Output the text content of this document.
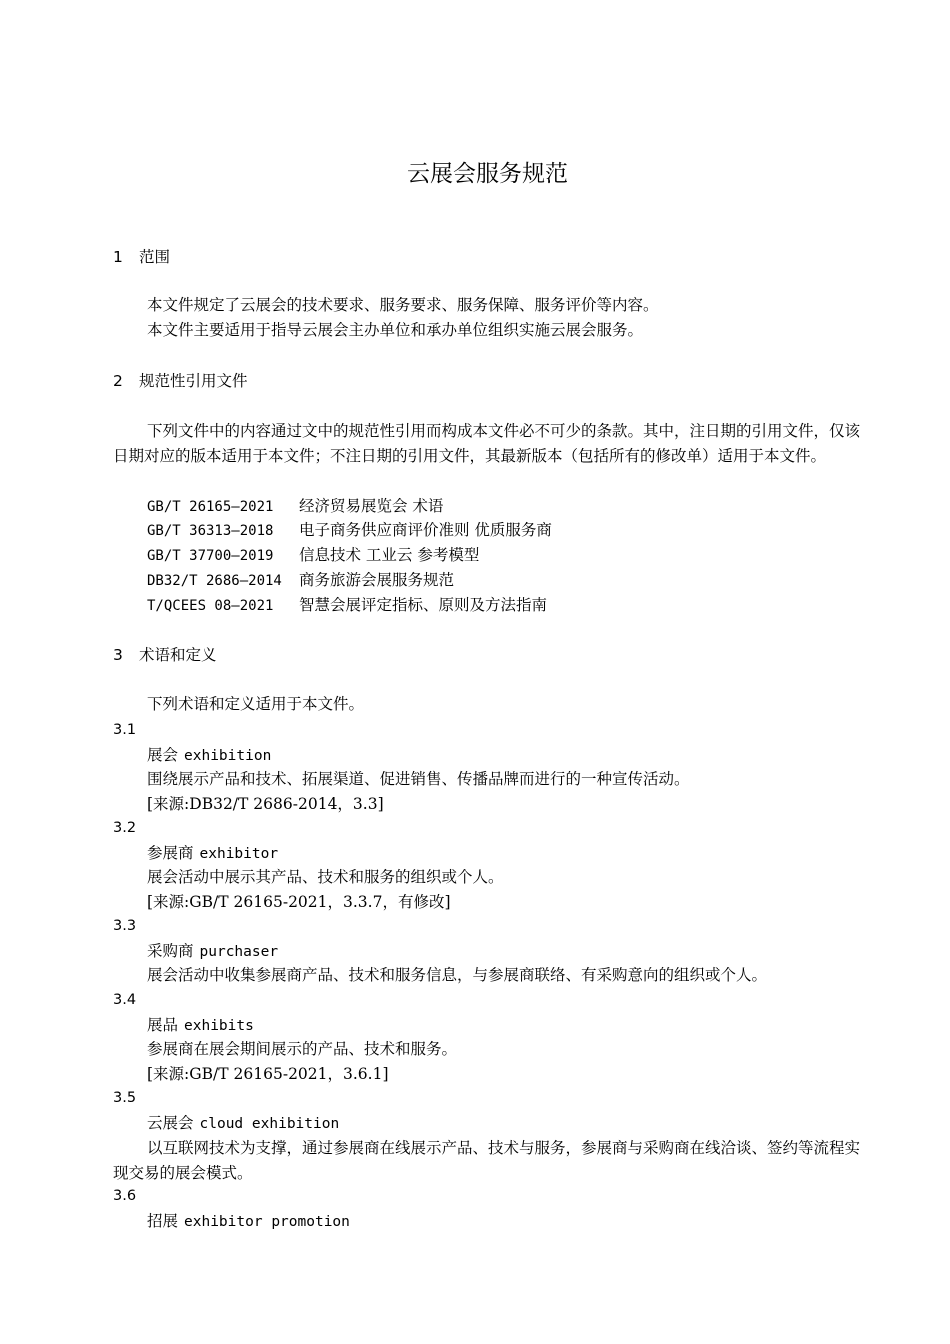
云展会服务规范
1 范围
本文件规定了云展会的技术要求、服务要求、服务保障、服务评价等内容。
本文件主要适用于指导云展会主办单位和承办单位组织实施云展会服务。
2 规范性引用文件
下列文件中的内容通过文中的规范性引用而构成本文件必不可少的条款。其中，注日期的引用文件，仅该日期对应的版本适用于本文件；不注日期的引用文件，其最新版本（包括所有的修改单）适用于本文件。
GB/T 26165—2021 经济贸易展览会 术语
GB/T 36313—2018 电子商务供应商评价准则 优质服务商
GB/T 37700—2019 信息技术 工业云 参考模型
DB32/T 2686—2014 商务旅游会展服务规范
T/QCEES 08—2021 智慧会展评定指标、原则及方法指南
3 术语和定义
下列术语和定义适用于本文件。
3.1
展会 exhibition
围绕展示产品和技术、拓展渠道、促进销售、传播品牌而进行的一种宣传活动。
[来源:DB32/T 2686-2014，3.3]
3.2
参展商 exhibitor
展会活动中展示其产品、技术和服务的组织或个人。
[来源:GB/T 26165-2021，3.3.7，有修改]
3.3
采购商 purchaser
展会活动中收集参展商产品、技术和服务信息，与参展商联络、有采购意向的组织或个人。
3.4
展品 exhibits
参展商在展会期间展示的产品、技术和服务。
[来源:GB/T 26165-2021，3.6.1]
3.5
云展会 cloud exhibition
以互联网技术为支撑，通过参展商在线展示产品、技术与服务，参展商与采购商在线洽谈、签约等流程实现交易的展会模式。
3.6
招展 exhibitor promotion
